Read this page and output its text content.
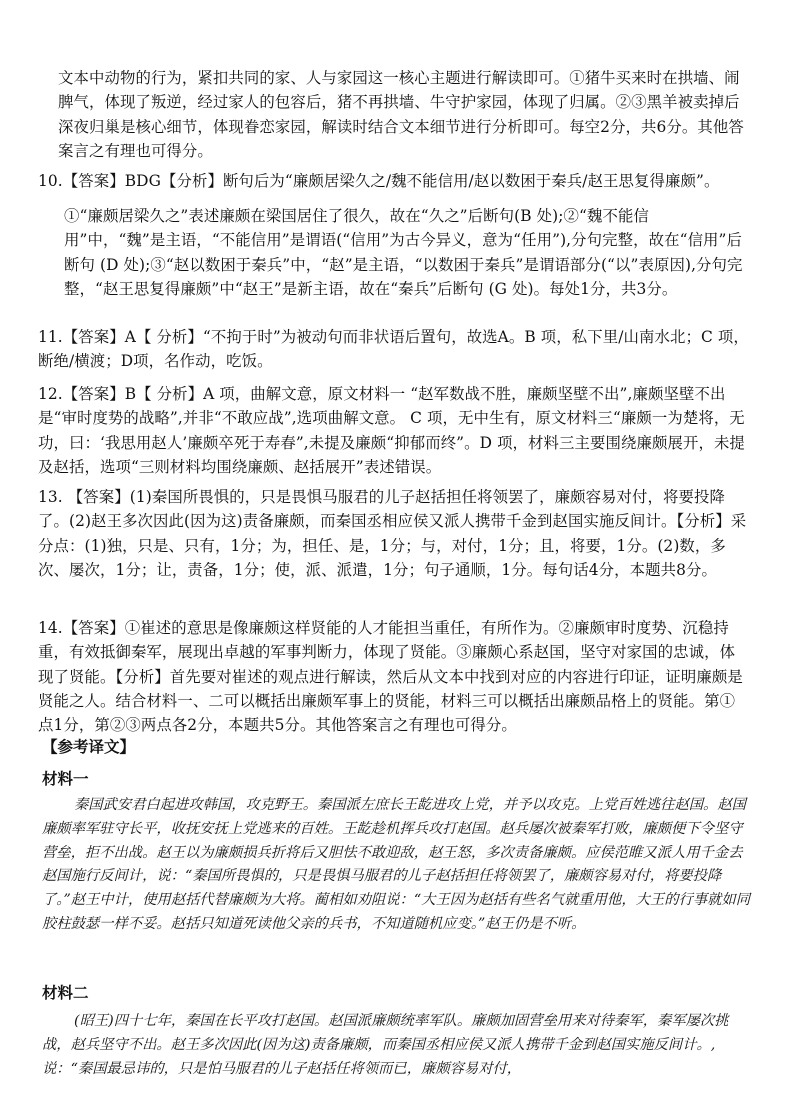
文本中动物的行为，紧扣共同的家、人与家园这一核心主题进行解读即可。①猪牛买来时在拱墙、闹脾气，体现了叛逆，经过家人的包容后，猪不再拱墙、牛守护家园，体现了归属。②③黑羊被卖掉后深夜归巢是核心细节，体现眷恋家园，解读时结合文本细节进行分析即可。每空2分，共6分。其他答案言之有理也可得分。
10.【答案】BDG【分析】断句后为“廉颇居梁久之/魏不能信用/赵以数困于秦兵/赵王思复得廉颇”。
①“廉颇居梁久之”表述廉颇在梁国居住了很久，故在“久之”后断句(B 处);②“魏不能信用”中，“魏”是主语，“不能信用”是谓语(“信用”为古今异义，意为“任用”),分句完整，故在“信用”后断句 (D 处);③“赵以数困于秦兵”中，“赵”是主语，“以数困于秦兵”是谓语部分(“以”表原因),分句完整，“赵王思复得廉颇”中“赵王”是新主语，故在“秦兵”后断句 (G 处)。每处1分，共3分。
11.【答案】A【 分析】“不拘于时”为被动句而非状语后置句，故选A。B 项，私下里/山南水北；C 项，断绝/横渡；D项，名作动，吃饭。
12.【答案】B【 分析】A 项，曲解文意，原文材料一 “赵军数战不胜，廉颇坚壁不出”,廉颇坚壁不出是“审时度势的战略”,并非“不敢应战”,选项曲解文意。 C 项，无中生有，原文材料三“廉颇一为楚将，无功，曰：‘我思用赵人’廉颇卒死于寿春”,未提及廉颇“抑郁而终”。D 项，材料三主要围绕廉颇展开，未提及赵括，选项“三则材料均围绕廉颇、赵括展开”表述错误。
13. 【答案】(1)秦国所畏惧的，只是畏惧马服君的儿子赵括担任将领罢了，廉颇容易对付，将要投降了。(2)赵王多次因此(因为这)责备廉颇，而秦国丞相应侯又派人携带千金到赵国实施反间计。【分析】采分点：(1)独，只是、只有，1分；为，担任、是，1分；与，对付，1分；且，将要，1分。(2)数，多次、屡次，1分；让，责备，1分；使，派、派遣，1分；句子通顺，1分。每句话4分，本题共8分。
14.【答案】①崔述的意思是像廉颇这样贤能的人才能担当重任，有所作为。②廉颇审时度势、沉稳持重，有效抵御秦军，展现出卓越的军事判断力，体现了贤能。③廉颇心系赵国，坚守对家国的忠诚，体现了贤能。【分析】首先要对崔述的观点进行解读，然后从文本中找到对应的内容进行印证，证明廉颇是贤能之人。结合材料一、二可以概括出廉颇军事上的贤能，材料三可以概括出廉颇品格上的贤能。第①点1分，第②③两点各2分，本题共5分。其他答案言之有理也可得分。
【参考译文】
材料一
秦国武安君白起进攻韩国，攻克野王。秦国派左庶长王龁进攻上党，并予以攻克。上党百姓逃往赵国。赵国廉颇率军驻守长平，收抚安抚上党逃来的百姓。王龁趁机挥兵攻打赵国。赵兵屡次被秦军打败，廉颇便下令坚守营垒，拒不出战。赵王以为廉颇损兵折将后又胆怯不敢迎敌，赵王怒，多次责备廉颇。应侯范睢又派人用千金去赵国施行反间计，说：“秦国所畏惧的，只是畏惧马服君的儿子赵括担任将领罢了，廉颇容易对付，将要投降了。”赵王中计，使用赵括代替廉颇为大将。蔺相如劝阻说：“大王因为赵括有些名气就重用他，大王的行事就如同胶柱鼓瑟一样不妥。赵括只知道死读他父亲的兵书，不知道随机应变。”赵王仍是不听。
材料二
(昭王)四十七年，秦国在长平攻打赵国。赵国派廉颇统率军队。廉颇加固营垒用来对待秦军，秦军屡次挑战，赵兵坚守不出。赵王多次因此(因为这)责备廉颇，而秦国丞相应侯又派人携带千金到赵国实施反间计。,说：“秦国最忌讳的，只是怕马服君的儿子赵括任将领而已，廉颇容易对付，
